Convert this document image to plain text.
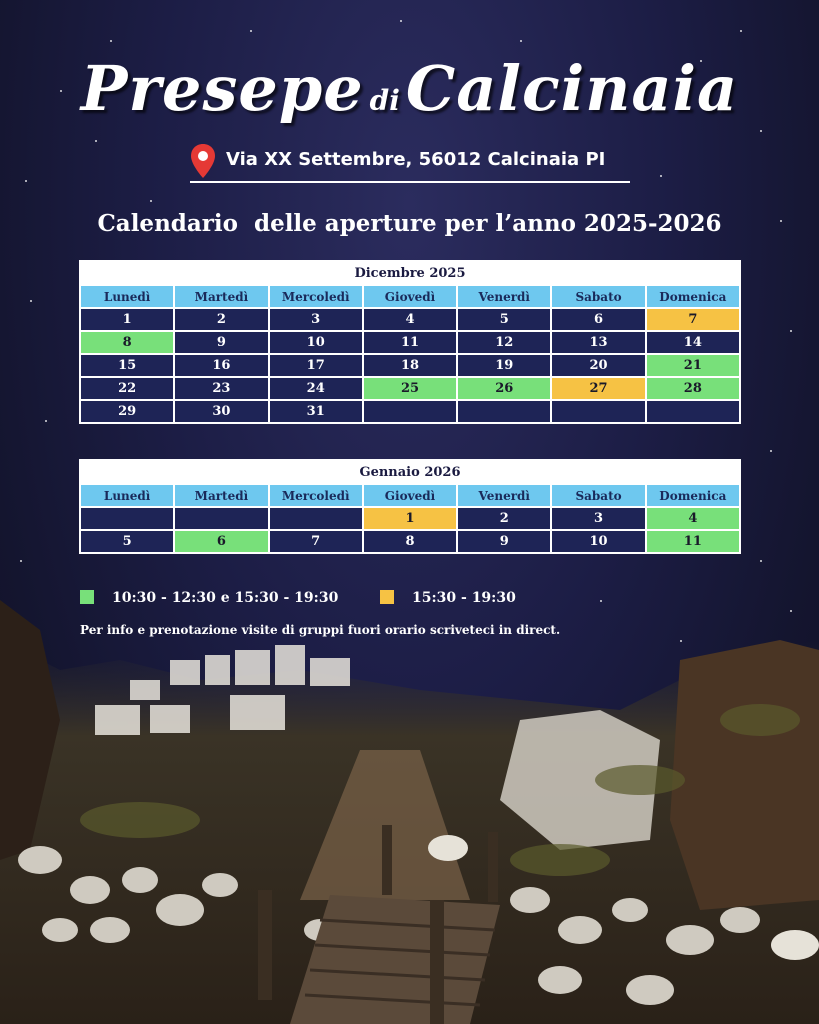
Presepe diCalcinaia
Via XX Settembre, 56012 Calcinaia PI
Calendario  delle aperture per l’anno 2025-2026
Dicembre 2025						
Lunedì	Martedì	Mercoledì	Giovedì	Venerdì	Sabato	Domenica
1	2	3	4	5	6	7
8	9	10	11	12	13	14
15	16	17	18	19	20	21
22	23	24	25	26	27	28
29	30	31				
Gennaio 2026						
Lunedì	Martedì	Mercoledì	Giovedì	Venerdì	Sabato	Domenica
			1	2	3	4
5	6	7	8	9	10	11
10:30 - 12:30 e 15:30 - 19:30	15:30 - 19:30
Per info e prenotazione visite di gruppi fuori orario scriveteci in direct.
